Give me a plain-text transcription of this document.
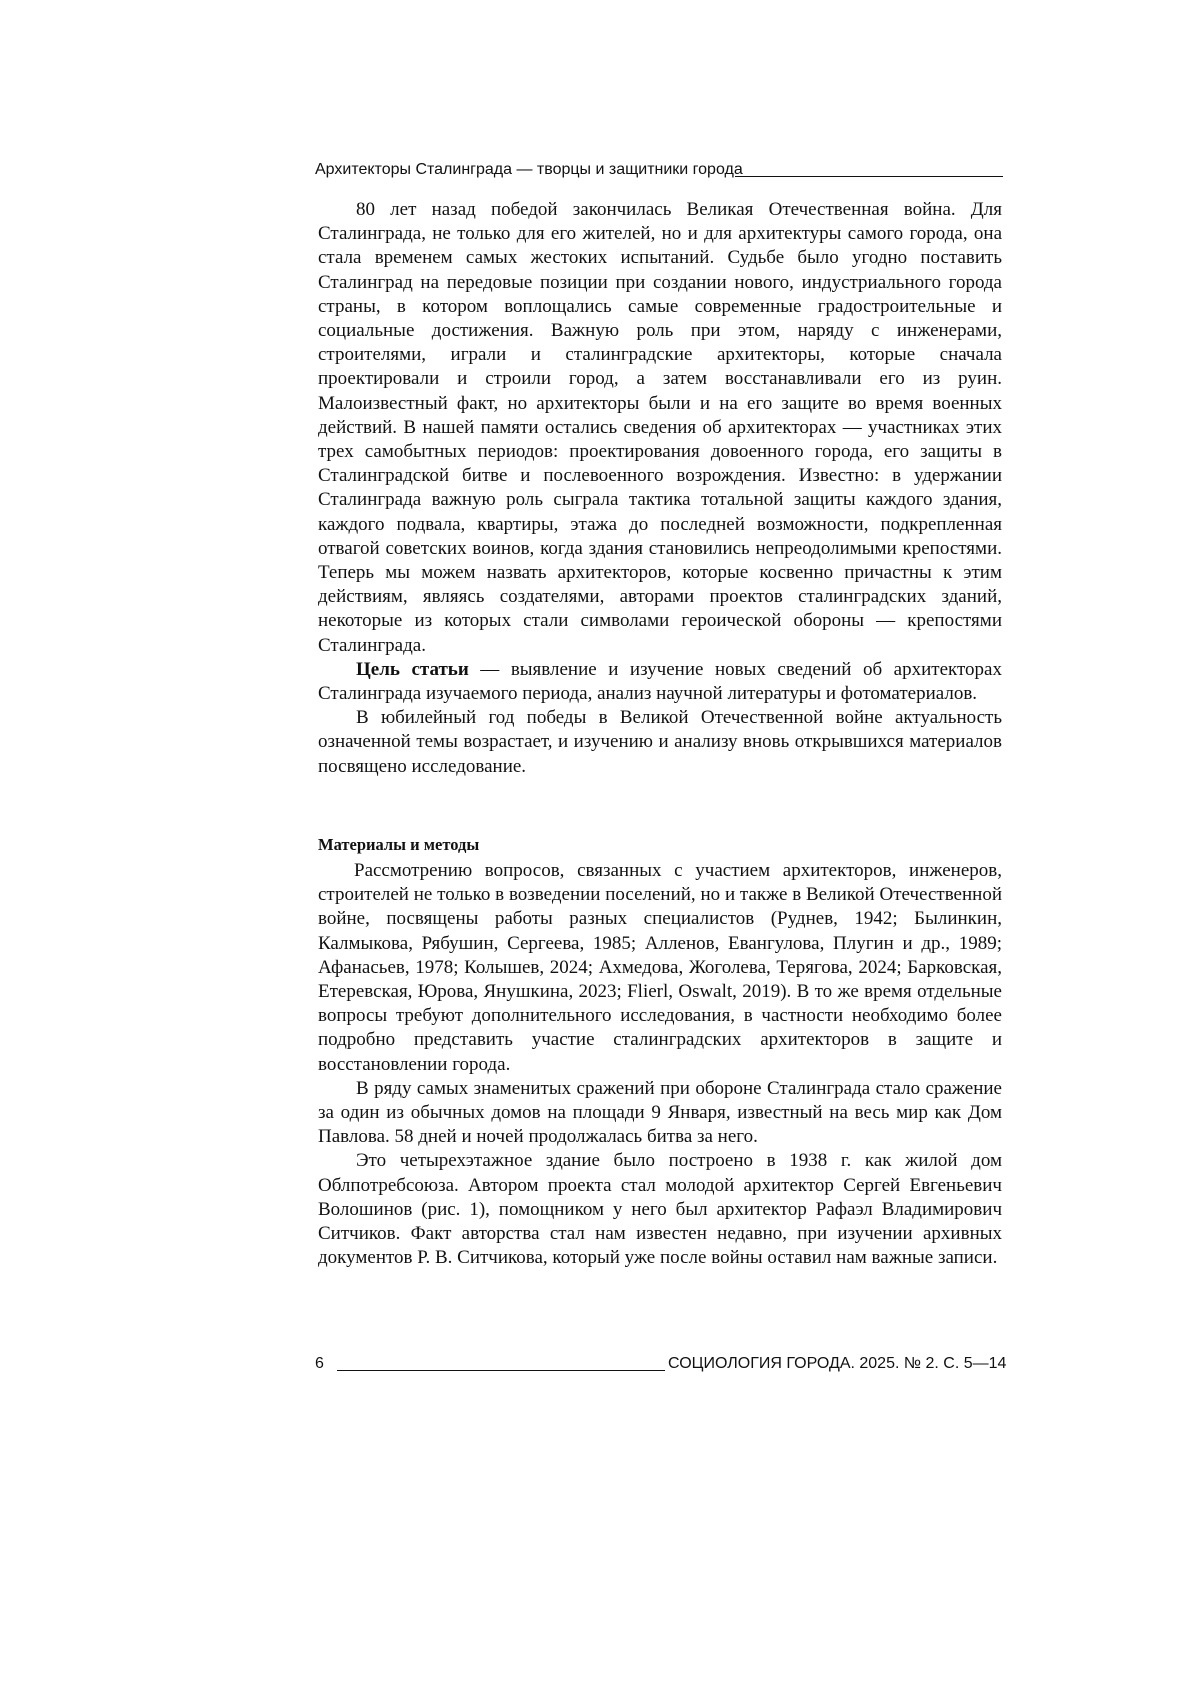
Архитекторы Сталинграда — творцы и защитники города

80 лет назад победой закончилась Великая Отечественная война. Для Сталинграда, не только для его жителей, но и для архитектуры самого города, она стала временем самых жестоких испытаний. Судьбе было угодно поставить Сталинград на передовые позиции при создании нового, индустриального города страны, в котором воплощались самые современные градостроительные и социальные достижения. Важную роль при этом, наряду с инженерами, строителями, играли и сталинградские архитекторы, которые сначала проектировали и строили город, а затем восстанавливали его из руин. Малоизвестный факт, но архитекторы были и на его защите во время военных действий. В нашей памяти остались сведения об архитекторах — участниках этих трех самобытных периодов: проектирования довоенного города, его защиты в Сталинградской битве и послевоенного возрождения. Известно: в удержании Сталинграда важную роль сыграла тактика тотальной защиты каждого здания, каждого подвала, квартиры, этажа до последней возможности, подкрепленная отвагой советских воинов, когда здания становились непреодолимыми крепостями. Теперь мы можем назвать архитекторов, которые косвенно причастны к этим действиям, являясь создателями, авторами проектов сталинградских зданий, некоторые из которых стали символами героической обороны — крепостями Сталинграда.

Цель статьи — выявление и изучение новых сведений об архитекторах Сталинграда изучаемого периода, анализ научной литературы и фотоматериалов.

В юбилейный год победы в Великой Отечественной войне актуальность означенной темы возрастает, и изучению и анализу вновь открывшихся материалов посвящено исследование.

Материалы и методы

Рассмотрению вопросов, связанных с участием архитекторов, инженеров, строителей не только в возведении поселений, но и также в Великой Отечественной войне, посвящены работы разных специалистов (Руднев, 1942; Былинкин, Калмыкова, Рябушин, Сергеева, 1985; Алленов, Евангулова, Плугин и др., 1989; Афанасьев, 1978; Колышев, 2024; Ахмедова, Жоголева, Терягова, 2024; Барковская, Етеревская, Юрова, Янушкина, 2023; Flierl, Oswalt, 2019). В то же время отдельные вопросы требуют дополнительного исследования, в частности необходимо более подробно представить участие сталинградских архитекторов в защите и восстановлении города.

В ряду самых знаменитых сражений при обороне Сталинграда стало сражение за один из обычных домов на площади 9 Января, известный на весь мир как Дом Павлова. 58 дней и ночей продолжалась битва за него.

Это четырехэтажное здание было построено в 1938 г. как жилой дом Облпотребсоюза. Автором проекта стал молодой архитектор Сергей Евгеньевич Волошинов (рис. 1), помощником у него был архитектор Рафаэл Владимирович Ситчиков. Факт авторства стал нам известен недавно, при изучении архивных документов Р. В. Ситчикова, который уже после войны оставил нам важные записи.

6	СОЦИОЛОГИЯ ГОРОДА. 2025. № 2. С. 5—14
